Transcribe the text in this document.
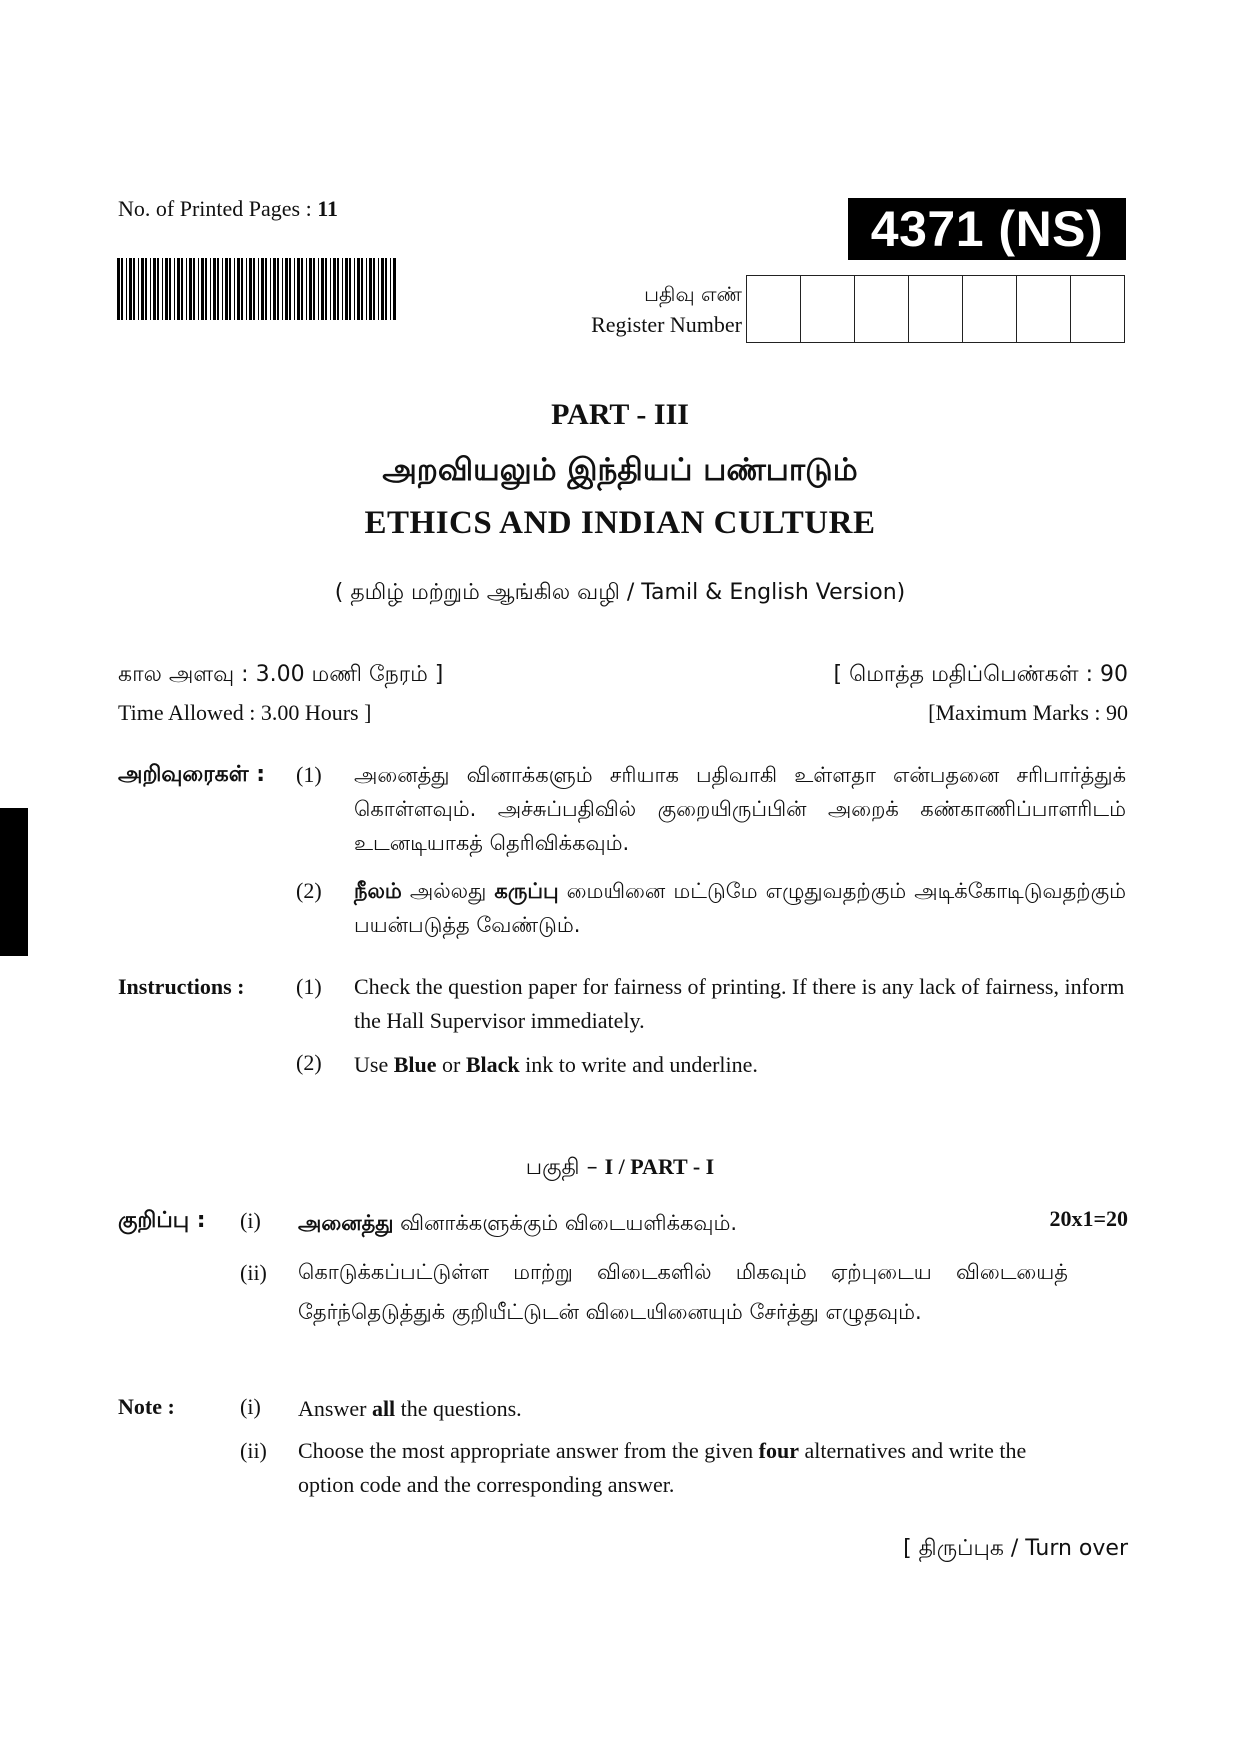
No. of Printed Pages : 11	4371 (NS)
பதிவு எண்
Register Number
PART - III
அறவியலும் இந்தியப் பண்பாடும்
ETHICS AND INDIAN CULTURE
( தமிழ் மற்றும் ஆங்கில வழி / Tamil & English Version)
கால அளவு : 3.00 மணி நேரம் ]
Time Allowed : 3.00 Hours ]
[ மொத்த மதிப்பெண்கள் : 90
[Maximum Marks : 90
அறிவுரைகள் : (1) அனைத்து வினாக்களும் சரியாக பதிவாகி உள்ளதா என்பதனை சரிபார்த்துக் கொள்ளவும். அச்சுப்பதிவில் குறையிருப்பின் அறைக் கண்காணிப்பாளரிடம் உடனடியாகத் தெரிவிக்கவும்.
(2) நீலம் அல்லது கருப்பு மையினை மட்டுமே எழுதுவதற்கும் அடிக்கோடிடுவதற்கும் பயன்படுத்த வேண்டும்.
Instructions : (1) Check the question paper for fairness of printing. If there is any lack of fairness, inform the Hall Supervisor immediately.
(2) Use Blue or Black ink to write and underline.
பகுதி – I / PART - I
குறிப்பு : (i) அனைத்து வினாக்களுக்கும் விடையளிக்கவும்.	20x1=20
(ii) கொடுக்கப்பட்டுள்ள மாற்று விடைகளில் மிகவும் ஏற்புடைய விடையைத் தேர்ந்தெடுத்துக் குறியீட்டுடன் விடையினையும் சேர்த்து எழுதவும்.
Note :	(i) Answer all the questions.
(ii) Choose the most appropriate answer from the given four alternatives and write the option code and the corresponding answer.
[ திருப்புக / Turn over
